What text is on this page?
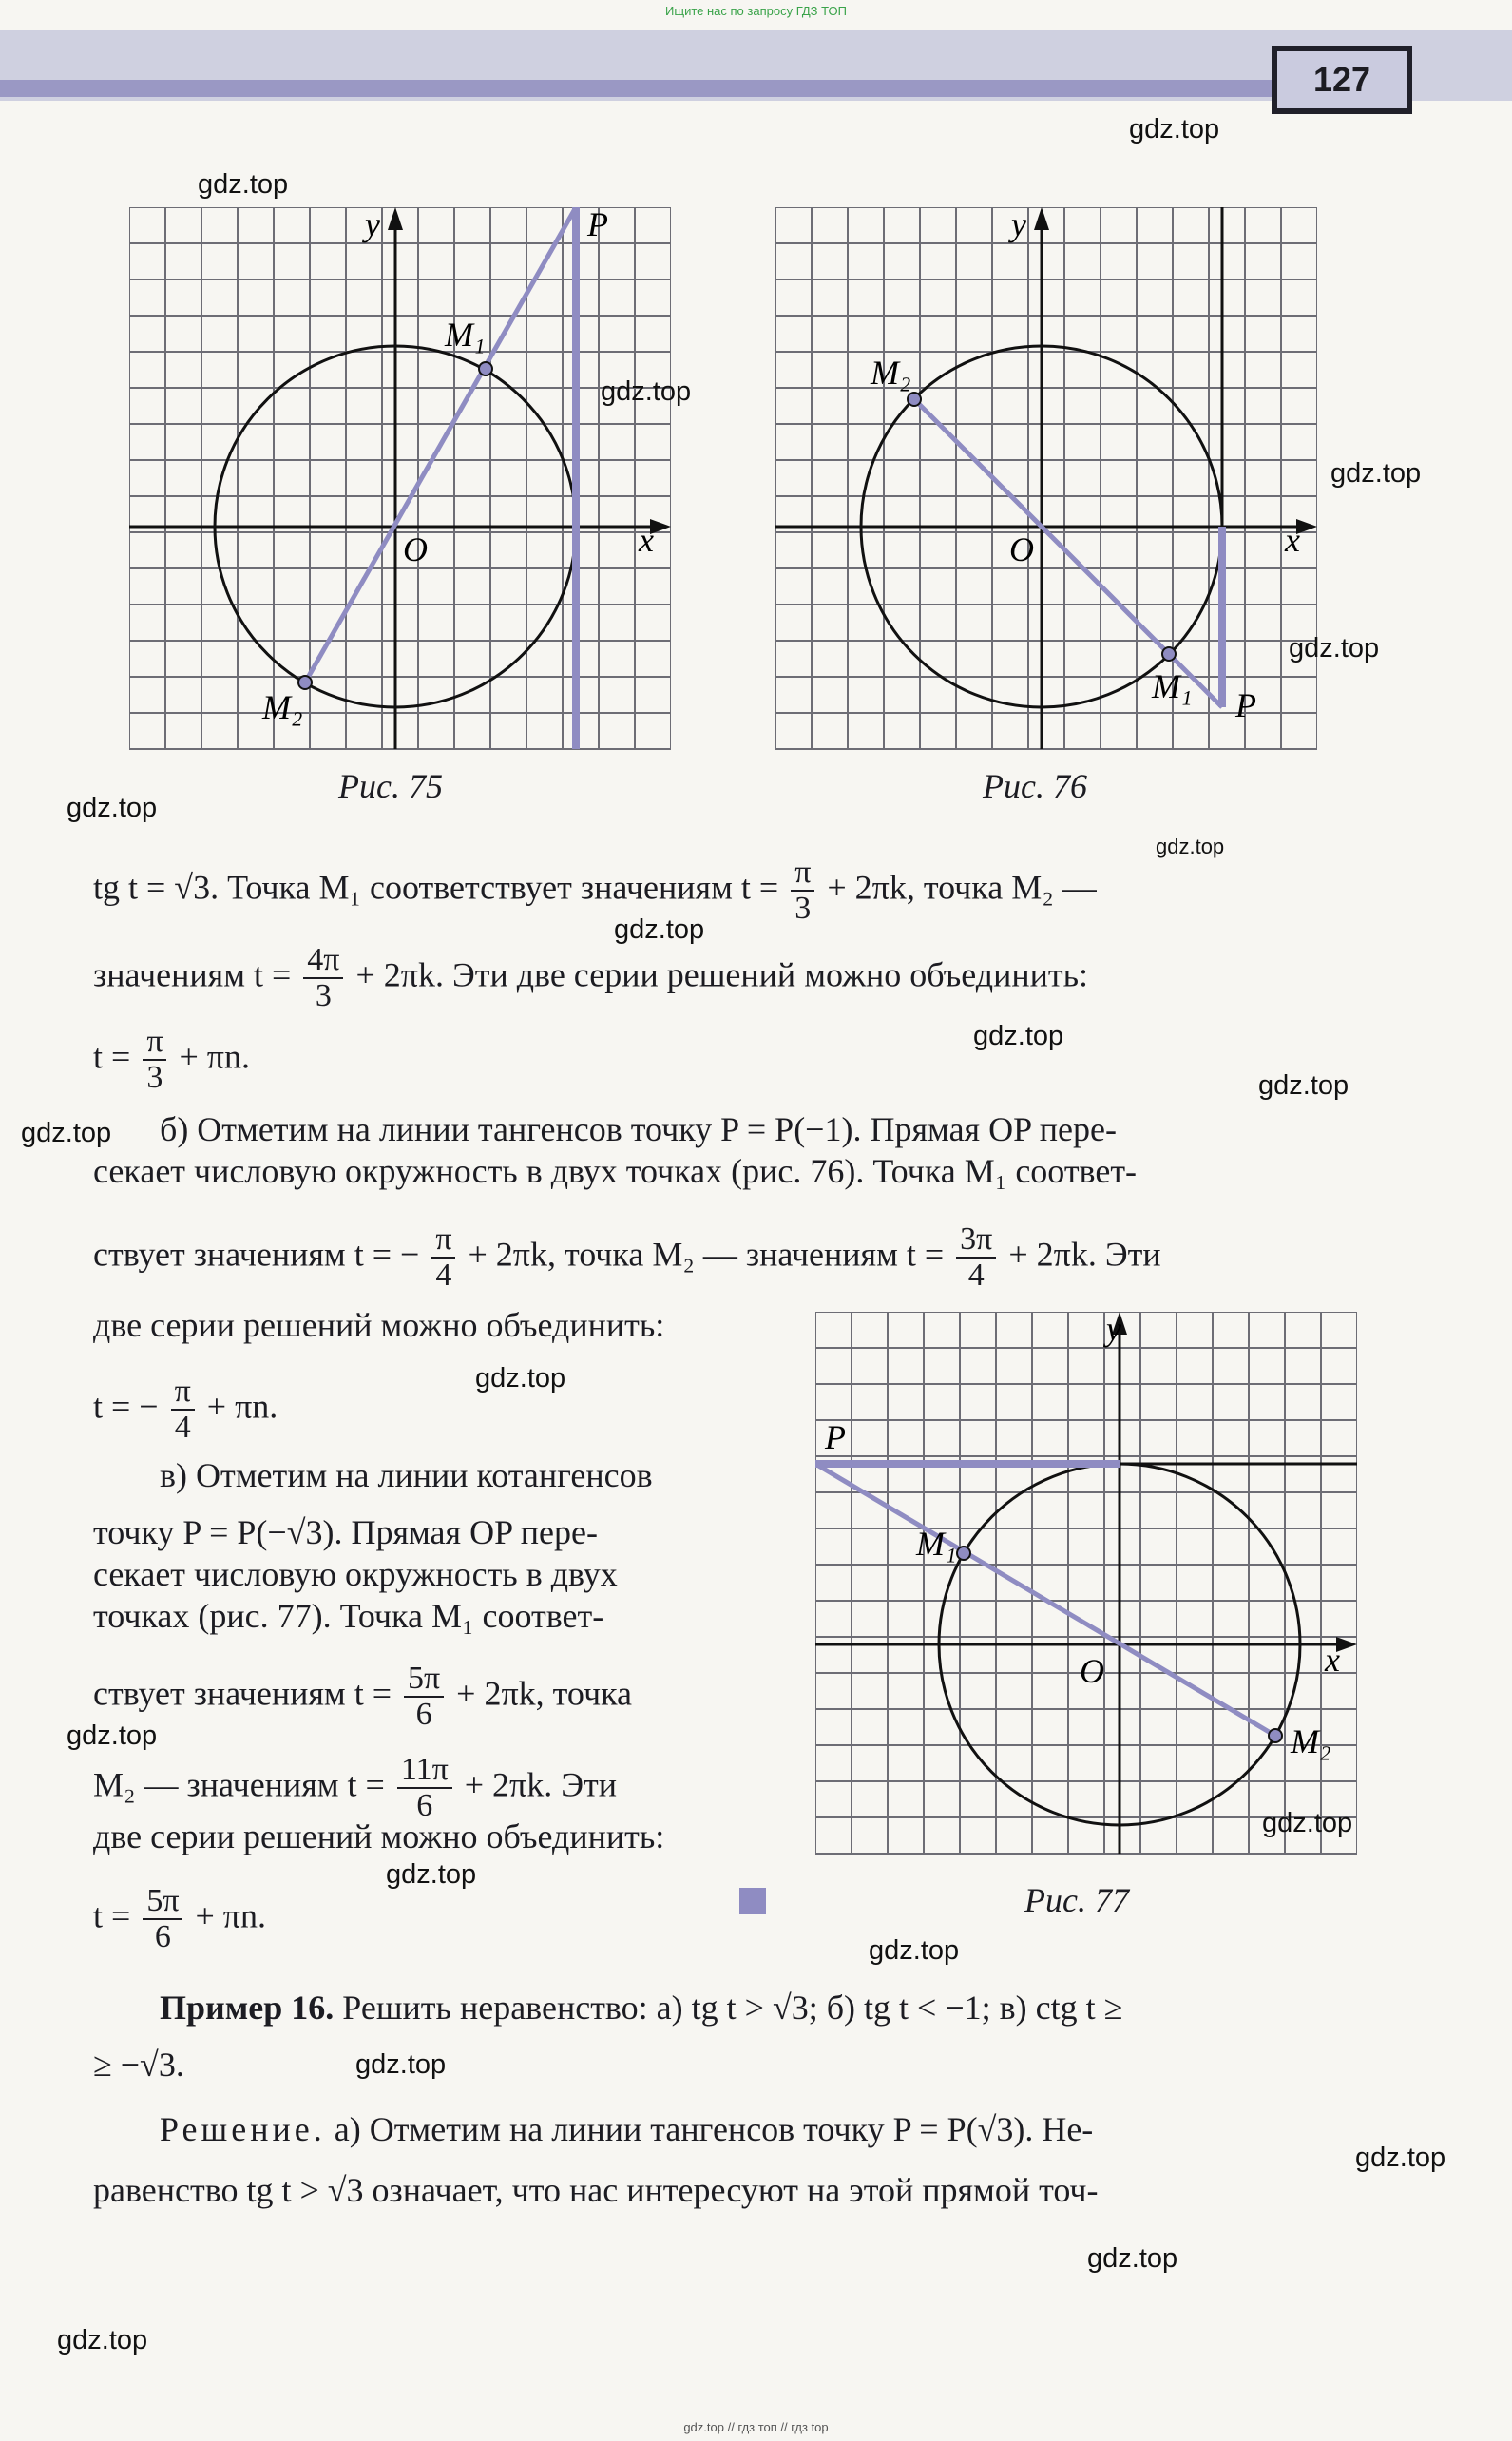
Ищите нас по запросу ГДЗ ТОП
127
y
x
O
P
M₁
M₂
Рис. 75
y
x
O
P
M₁
M₂
Рис. 76
y
x
O
P
M₁
M₂
Рис. 77
tg t = √3. Точка M₁ соответствует значениям $t = \frac{\pi}{3} + 2\pi k$, точка M₂ —
значениям $t = \frac{4\pi}{3} + 2\pi k$. Эти две серии решений можно объединить:
$t = \frac{\pi}{3} + \pi n$.
б) Отметим на линии тангенсов точку P = P(−1). Прямая OP пере-
секает числовую окружность в двух точках (рис. 76). Точка M₁ соответ-
ствует значениям t = − $\frac{\pi}{4} + 2\pi k$, точка M₂ — значениям $t = \frac{3\pi}{4} + 2\pi k$. Эти
две серии решений можно объединить:
t = − $\frac{\pi}{4} + \pi n$.
в) Отметим на линии котангенсов
точку P = P(−√3). Прямая OP пере-
секает числовую окружность в двух
точках (рис. 77). Точка M₁ соответ-
ствует значениям $t = \frac{5\pi}{6} + 2\pi k$, точка
M₂ — значениям $t = \frac{11\pi}{6} + 2\pi k$. Эти
две серии решений можно объединить:
$t = \frac{5\pi}{6} + \pi n$.
Пример 16. Решить неравенство: а) tg t > √3; б) tg t < −1; в) ctg t ≥
≥ −√3.
Решение. а) Отметим на линии тангенсов точку P = P(√3). Не-
равенство tg t > √3 означает, что нас интересуют на этой прямой точ-
gdz.top
gdz.top
gdz.top
gdz.top
gdz.top
gdz.top
gdz.top
gdz.top
gdz.top
gdz.top
gdz.top
gdz.top
gdz.top
gdz.top
gdz.top
gdz.top
gdz.top
gdz.top
gdz.top
gdz.top
gdz.top // гдз топ // гдз top
